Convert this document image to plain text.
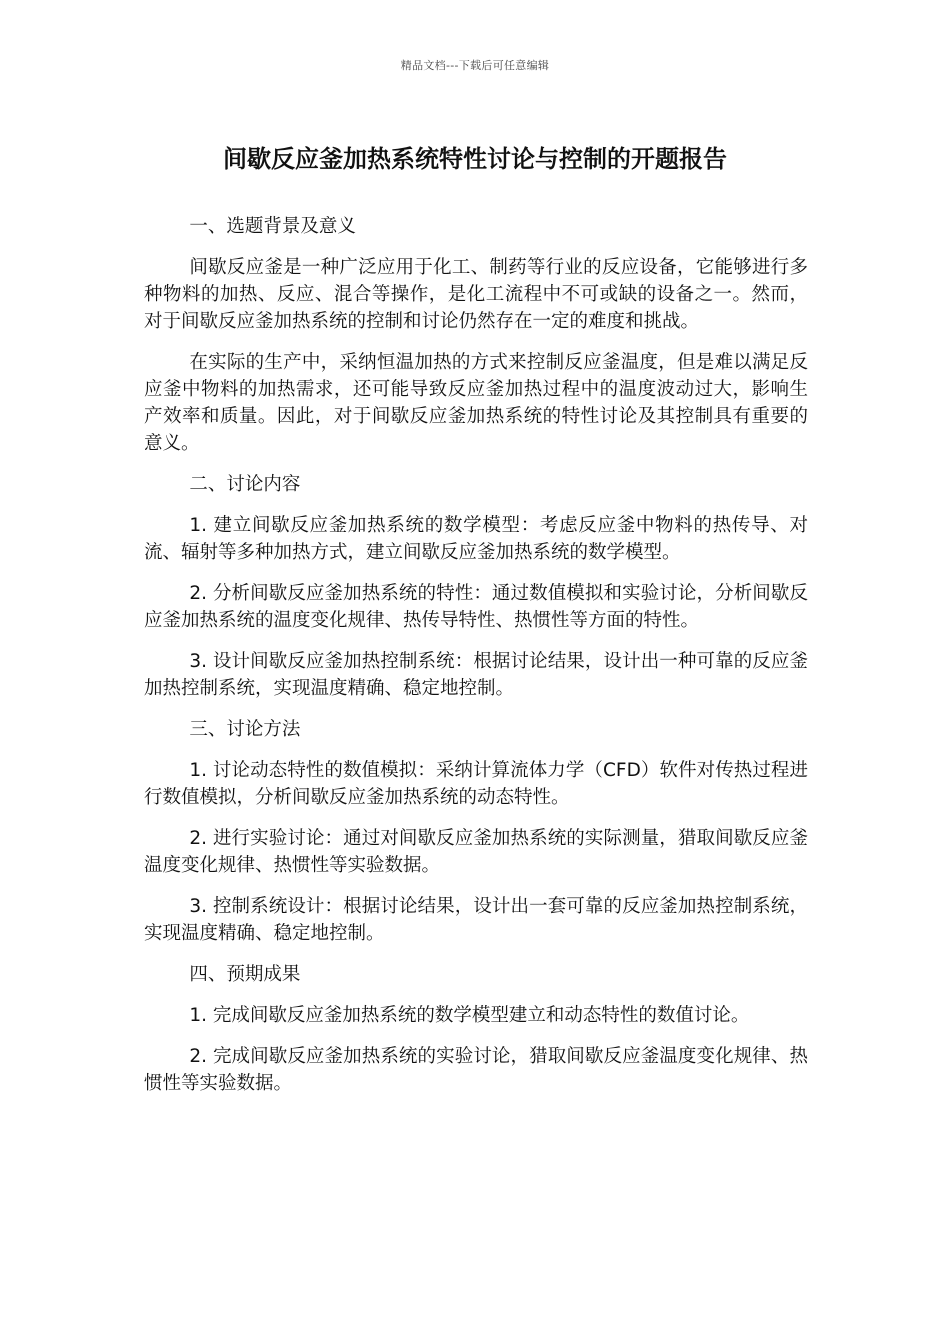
精品文档---下载后可任意编辑
间歇反应釜加热系统特性讨论与控制的开题报告

一、选题背景及意义

间歇反应釜是一种广泛应用于化工、制药等行业的反应设备，它能够进行多种物料的加热、反应、混合等操作，是化工流程中不可或缺的设备之一。然而，对于间歇反应釜加热系统的控制和讨论仍然存在一定的难度和挑战。

在实际的生产中，采纳恒温加热的方式来控制反应釜温度，但是难以满足反应釜中物料的加热需求，还可能导致反应釜加热过程中的温度波动过大，影响生产效率和质量。因此，对于间歇反应釜加热系统的特性讨论及其控制具有重要的意义。

二、讨论内容

1. 建立间歇反应釜加热系统的数学模型：考虑反应釜中物料的热传导、对流、辐射等多种加热方式，建立间歇反应釜加热系统的数学模型。

2. 分析间歇反应釜加热系统的特性：通过数值模拟和实验讨论，分析间歇反应釜加热系统的温度变化规律、热传导特性、热惯性等方面的特性。

3. 设计间歇反应釜加热控制系统：根据讨论结果，设计出一种可靠的反应釜加热控制系统，实现温度精确、稳定地控制。

三、讨论方法

1. 讨论动态特性的数值模拟：采纳计算流体力学（CFD）软件对传热过程进行数值模拟，分析间歇反应釜加热系统的动态特性。

2. 进行实验讨论：通过对间歇反应釜加热系统的实际测量，猎取间歇反应釜温度变化规律、热惯性等实验数据。

3. 控制系统设计：根据讨论结果，设计出一套可靠的反应釜加热控制系统，实现温度精确、稳定地控制。

四、预期成果

1. 完成间歇反应釜加热系统的数学模型建立和动态特性的数值讨论。

2. 完成间歇反应釜加热系统的实验讨论，猎取间歇反应釜温度变化规律、热惯性等实验数据。
